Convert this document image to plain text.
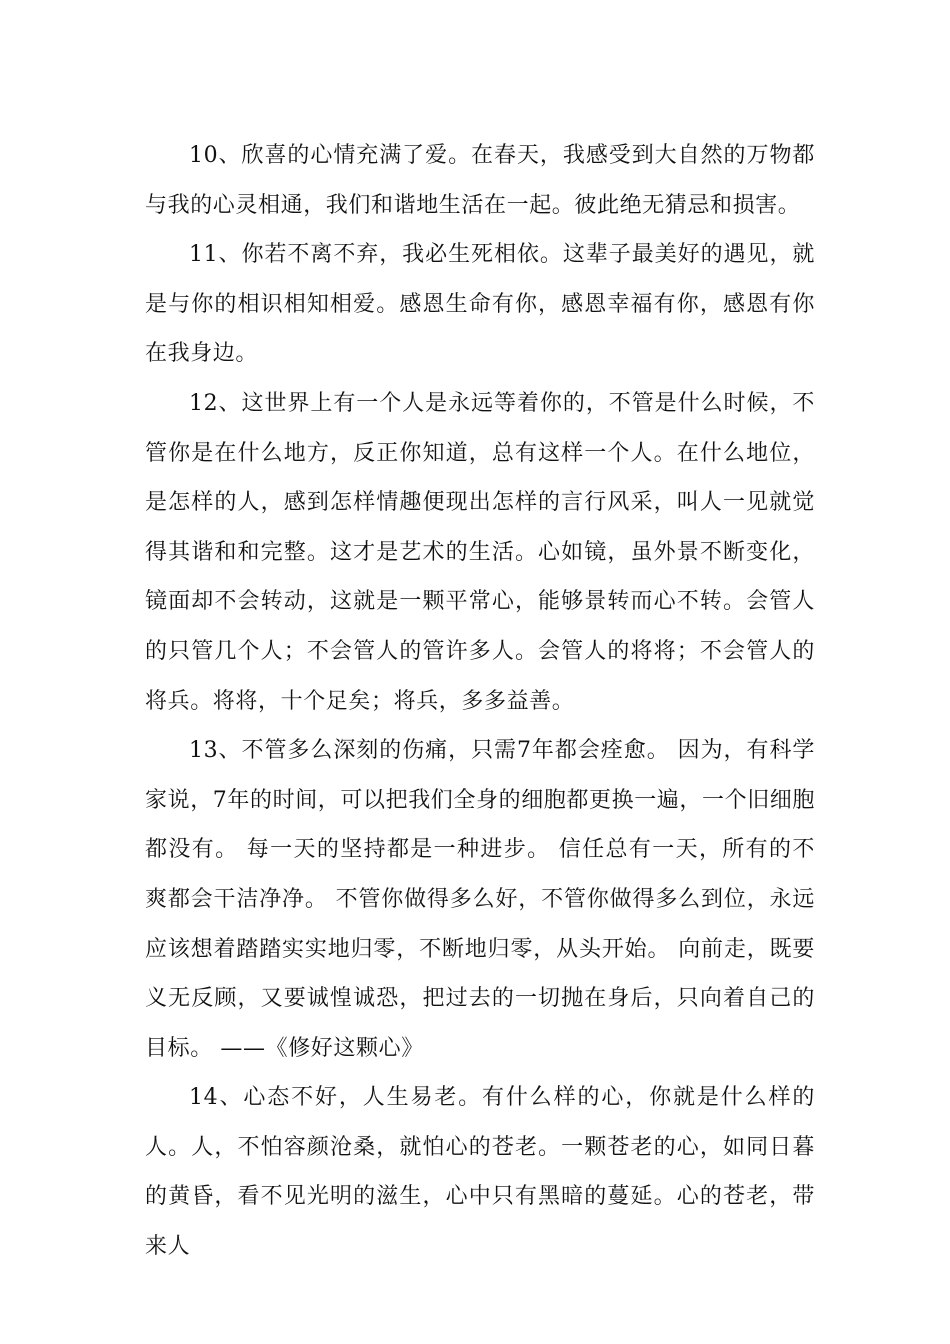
10、欣喜的心情充满了爱。在春天，我感受到大自然的万物都与我的心灵相通，我们和谐地生活在一起。彼此绝无猜忌和损害。

11、你若不离不弃，我必生死相依。这辈子最美好的遇见，就是与你的相识相知相爱。感恩生命有你，感恩幸福有你，感恩有你在我身边。

12、这世界上有一个人是永远等着你的，不管是什么时候，不管你是在什么地方，反正你知道，总有这样一个人。在什么地位，是怎样的人，感到怎样情趣便现出怎样的言行风采，叫人一见就觉得其谐和和完整。这才是艺术的生活。心如镜，虽外景不断变化，镜面却不会转动，这就是一颗平常心，能够景转而心不转。会管人的只管几个人；不会管人的管许多人。会管人的将将；不会管人的将兵。将将，十个足矣；将兵，多多益善。

13、不管多么深刻的伤痛，只需7年都会痊愈。 因为，有科学家说，7年的时间，可以把我们全身的细胞都更换一遍，一个旧细胞都没有。 每一天的坚持都是一种进步。 信任总有一天，所有的不爽都会干洁净净。 不管你做得多么好，不管你做得多么到位，永远应该想着踏踏实实地归零，不断地归零，从头开始。 向前走，既要义无反顾，又要诚惶诚恐，把过去的一切抛在身后，只向着自己的目标。 ——《修好这颗心》

14、心态不好，人生易老。有什么样的心，你就是什么样的人。人，不怕容颜沧桑，就怕心的苍老。一颗苍老的心，如同日暮的黄昏，看不见光明的滋生，心中只有黑暗的蔓延。心的苍老，带来人
